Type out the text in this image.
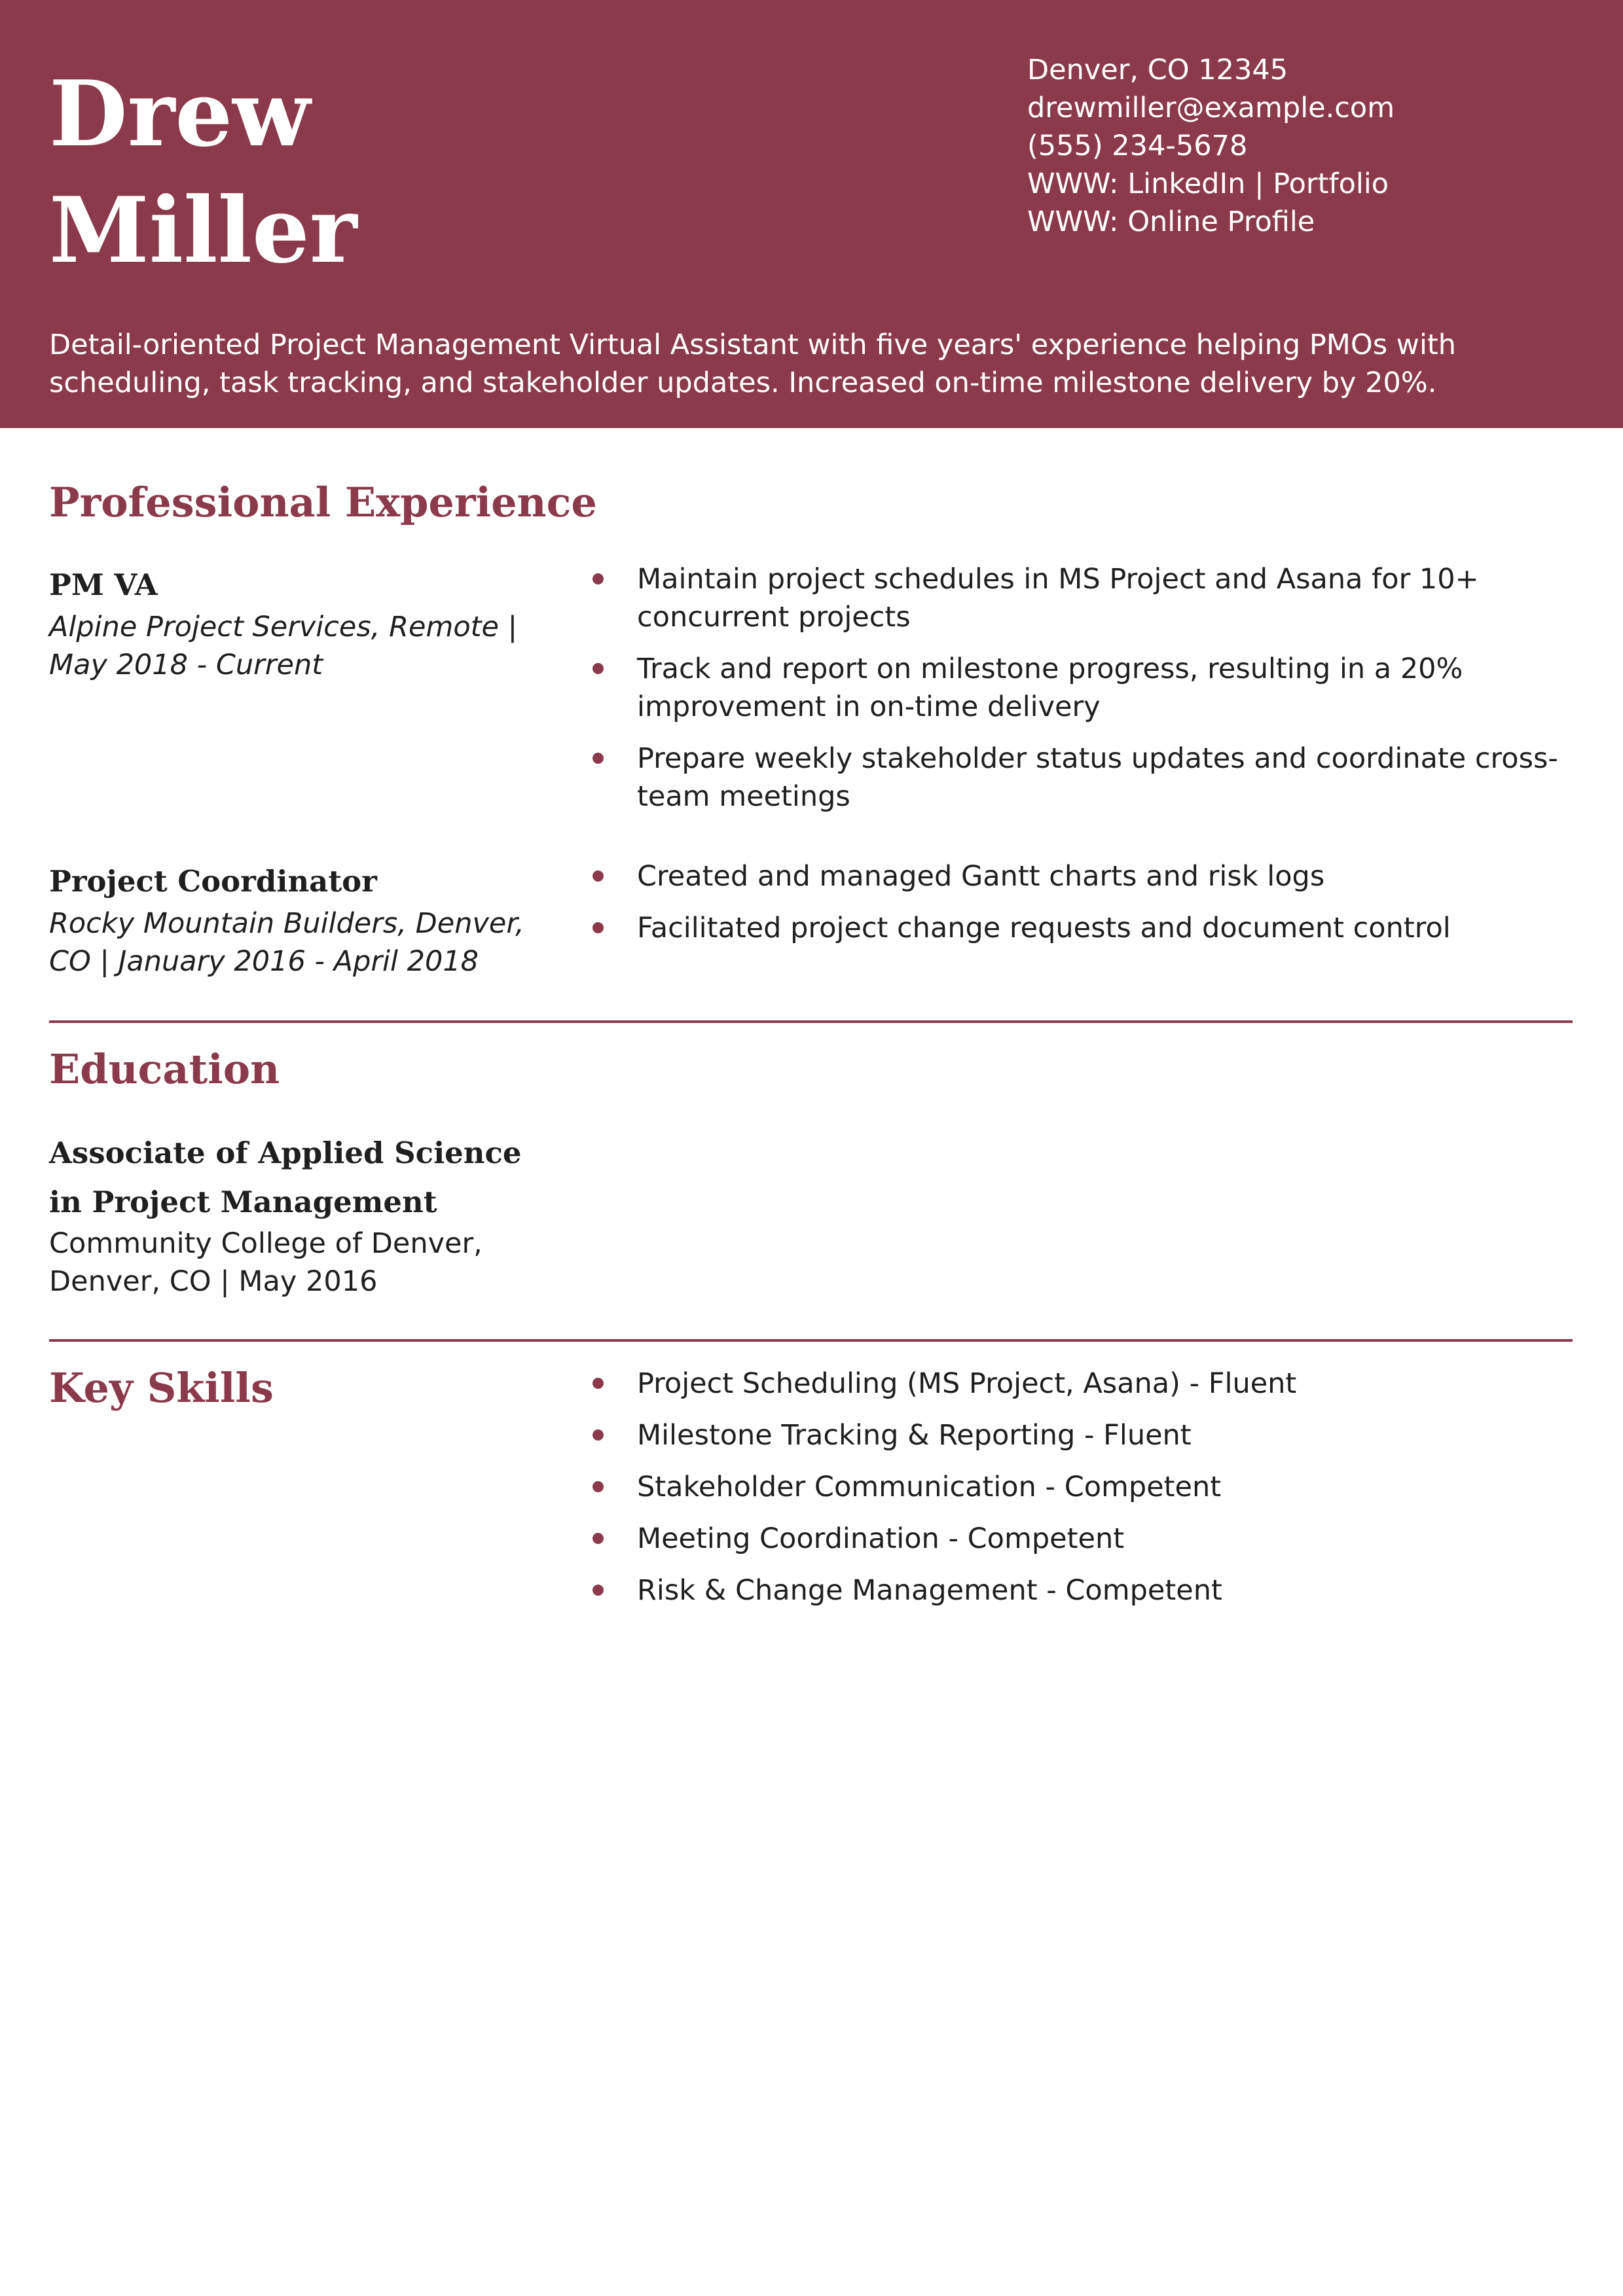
Drew
Miller
Denver, CO 12345
drewmiller@example.com
(555) 234-5678
WWW: LinkedIn | Portfolio
WWW: Online Profile

Detail-oriented Project Management Virtual Assistant with five years' experience helping PMOs with scheduling, task tracking, and stakeholder updates. Increased on-time milestone delivery by 20%.

Professional Experience

PM VA

Alpine Project Services, Remote | May 2018 - Current

Maintain project schedules in MS Project and Asana for 10+ concurrent projects
Track and report on milestone progress, resulting in a 20% improvement in on-time delivery
Prepare weekly stakeholder status updates and coordinate cross-team meetings

Project Coordinator

Rocky Mountain Builders, Denver, CO | January 2016 - April 2018

Created and managed Gantt charts and risk logs
Facilitated project change requests and document control
Education

Associate of Applied Science in Project Management

Community College of Denver, Denver, CO | May 2016

Key Skills	Project Scheduling (MS Project, Asana) - Fluent
Milestone Tracking & Reporting - Fluent
Stakeholder Communication - Competent
Meeting Coordination - Competent
Risk & Change Management - Competent
